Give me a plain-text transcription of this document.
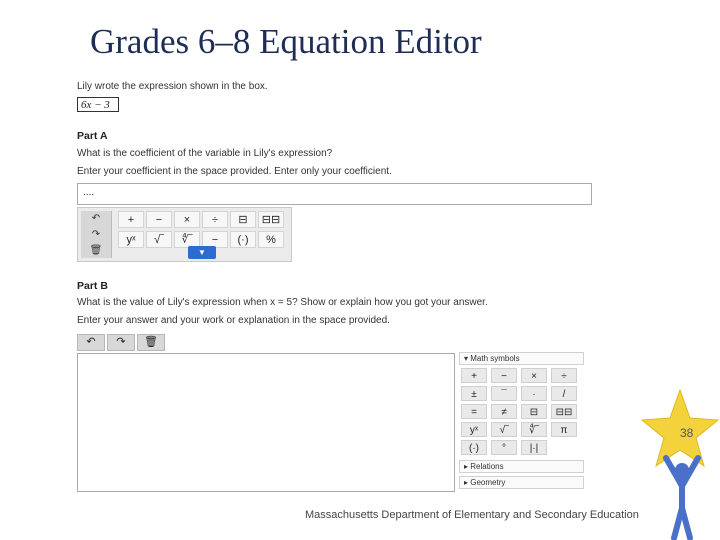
Grades 6–8 Equation Editor
Lily wrote the expression shown in the box.
6x − 3
Part A
What is the coefficient of the variable in Lily's expression?
Enter your coefficient in the space provided. Enter only your coefficient.
....
↶
↷
🗑
+	−	×	÷	⊟	⊟⊟
yˣ	√‾	∜‾	−	(·)	%
▼
Part B
What is the value of Lily's expression when x = 5? Show or explain how you got your answer.
Enter your answer and your work or explanation in the space provided.
↶	↷	🗑
▾ Math symbols
+	−	×	÷
±	¯	·	/
=	≠	⊟	⊟⊟
yˣ	√‾	∜‾	π
(·)	°	|·|
▸ Relations
▸ Geometry
38
Massachusetts Department of Elementary and Secondary Education
